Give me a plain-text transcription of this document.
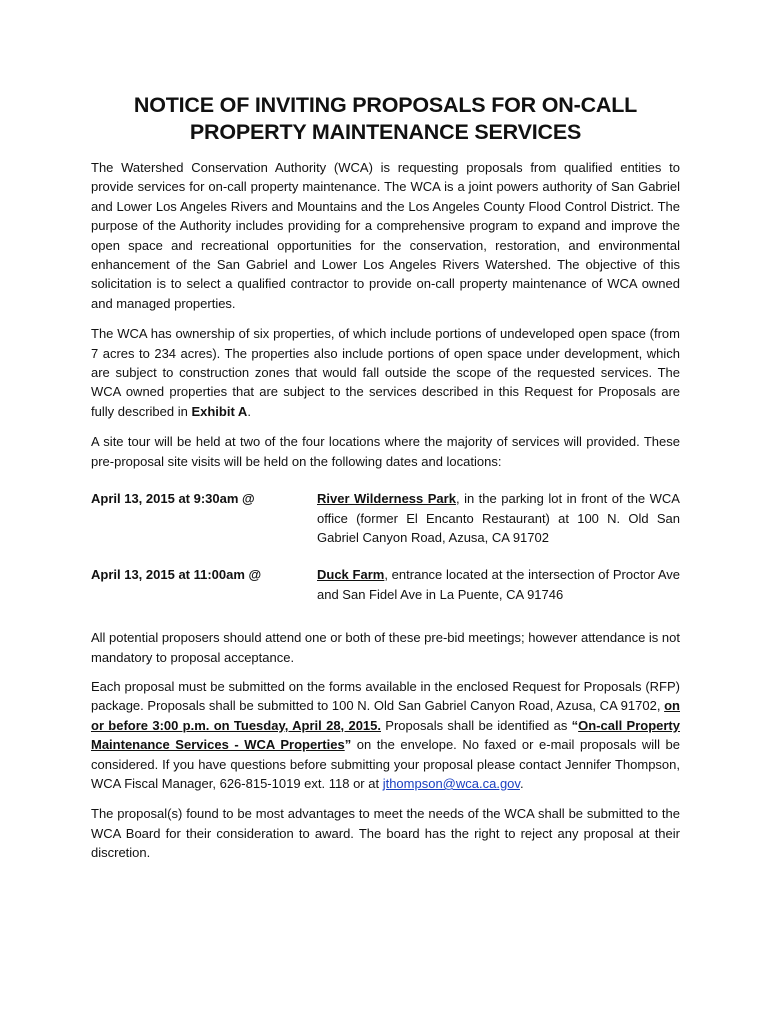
NOTICE OF INVITING PROPOSALS FOR ON-CALL
PROPERTY MAINTENANCE SERVICES

The Watershed Conservation Authority (WCA) is requesting proposals from qualified entities to provide services for on-call property maintenance. The WCA is a joint powers authority of San Gabriel and Lower Los Angeles Rivers and Mountains and the Los Angeles County Flood Control District. The purpose of the Authority includes providing for a comprehensive program to expand and improve the open space and recreational opportunities for the conservation, restoration, and environmental enhancement of the San Gabriel and Lower Los Angeles Rivers Watershed. The objective of this solicitation is to select a qualified contractor to provide on-call property maintenance of WCA owned and managed properties.

The WCA has ownership of six properties, of which include portions of undeveloped open space (from 7 acres to 234 acres). The properties also include portions of open space under development, which are subject to construction zones that would fall outside the scope of the requested services. The WCA owned properties that are subject to the services described in this Request for Proposals are fully described in Exhibit A.

A site tour will be held at two of the four locations where the majority of services will provided. These pre-proposal site visits will be held on the following dates and locations:

April 13, 2015 at 9:30am @	River Wilderness Park, in the parking lot in front of the WCA office (former El Encanto Restaurant) at 100 N. Old San Gabriel Canyon Road, Azusa, CA 91702
April 13, 2015 at 11:00am @	Duck Farm, entrance located at the intersection of Proctor Ave and San Fidel Ave in La Puente, CA 91746

All potential proposers should attend one or both of these pre-bid meetings; however attendance is not mandatory to proposal acceptance.

Each proposal must be submitted on the forms available in the enclosed Request for Proposals (RFP) package. Proposals shall be submitted to 100 N. Old San Gabriel Canyon Road, Azusa, CA 91702, on or before 3:00 p.m. on Tuesday, April 28, 2015. Proposals shall be identified as “On-call Property Maintenance Services - WCA Properties” on the envelope. No faxed or e-mail proposals will be considered. If you have questions before submitting your proposal please contact Jennifer Thompson, WCA Fiscal Manager, 626-815-1019 ext. 118 or at jthompson@wca.ca.gov.

The proposal(s) found to be most advantages to meet the needs of the WCA shall be submitted to the WCA Board for their consideration to award. The board has the right to reject any proposal at their discretion.
